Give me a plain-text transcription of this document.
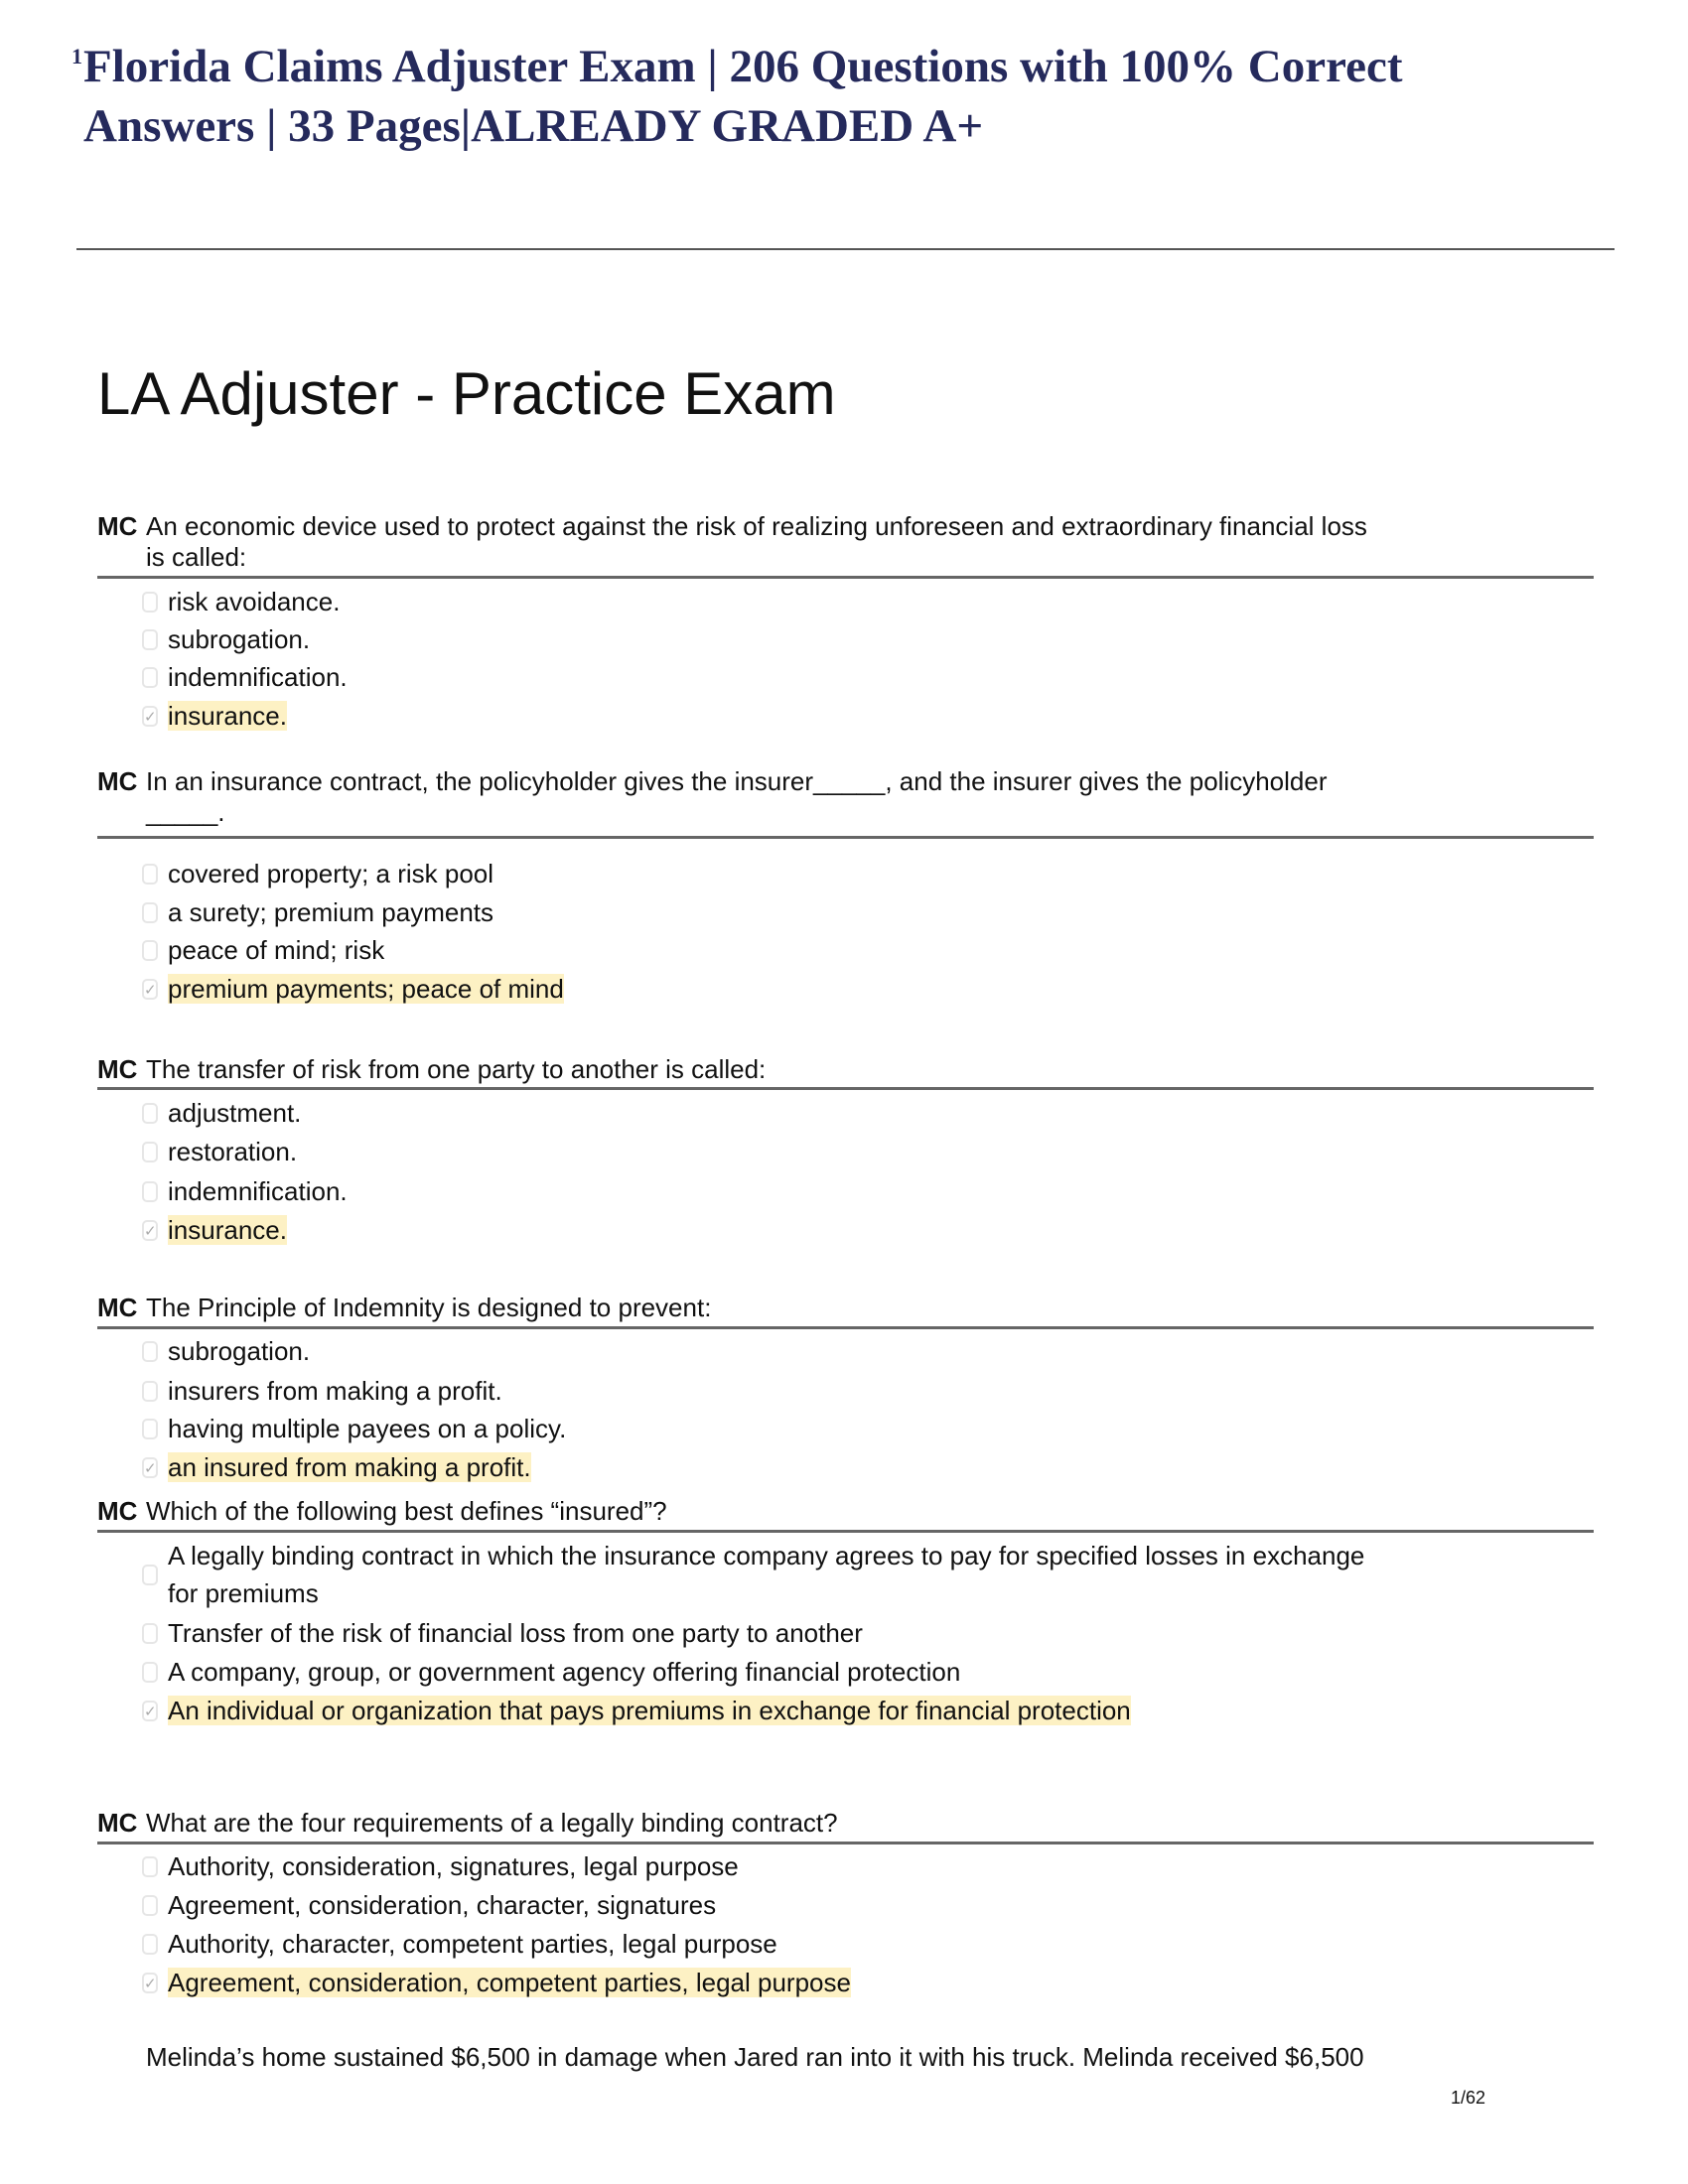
1 Florida Claims Adjuster Exam | 206 Questions with 100% Correct
Answers | 33 Pages|ALREADY GRADED A+
LA Adjuster - Practice Exam
MC An economic device used to protect against the risk of realizing unforeseen and extraordinary financial loss
is called:
risk avoidance.
subrogation.
indemnification.
✓ insurance.
MC In an insurance contract, the policyholder gives the insurer_____, and the insurer gives the policyholder
_____.
covered property; a risk pool
a surety; premium payments
peace of mind; risk
✓ premium payments; peace of mind
MC The transfer of risk from one party to another is called:
adjustment.
restoration.
indemnification.
✓ insurance.
MC The Principle of Indemnity is designed to prevent:
subrogation.
insurers from making a profit.
having multiple payees on a policy.
✓ an insured from making a profit.
MC Which of the following best defines “insured”?
A legally binding contract in which the insurance company agrees to pay for specified losses in exchange
for premiums
Transfer of the risk of financial loss from one party to another
A company, group, or government agency offering financial protection
✓ An individual or organization that pays premiums in exchange for financial protection
MC What are the four requirements of a legally binding contract?
Authority, consideration, signatures, legal purpose
Agreement, consideration, character, signatures
Authority, character, competent parties, legal purpose
✓ Agreement, consideration, competent parties, legal purpose
Melinda’s home sustained $6,500 in damage when Jared ran into it with his truck. Melinda received $6,500
1/62
